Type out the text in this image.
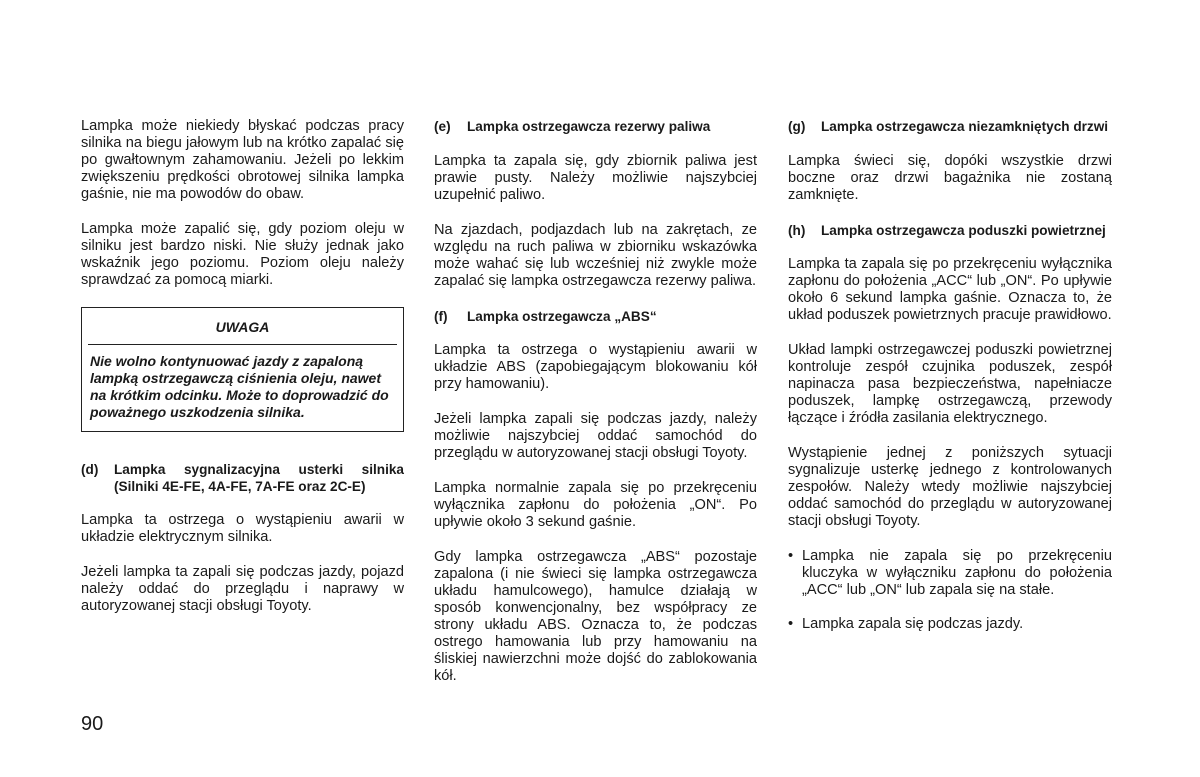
Lampka może niekiedy błyskać podczas pracy silnika na biegu jałowym lub na krótko zapalać się po gwałtownym zahamowaniu. Jeżeli po lekkim zwiększeniu prędkości obrotowej silnika lampka gaśnie, nie ma powodów do obaw.

Lampka może zapalić się, gdy poziom oleju w silniku jest bardzo niski. Nie służy jednak jako wskaźnik jego poziomu. Poziom oleju należy sprawdzać za pomocą miarki.

UWAGA
Nie wolno kontynuować jazdy z zapaloną lampką ostrzegawczą ciśnienia oleju, nawet na krótkim odcinku. Może to doprowadzić do poważnego uszkodzenia silnika.
(d)	Lampka sygnalizacyjna usterki silnika (Silniki 4E-FE, 4A-FE, 7A-FE oraz 2C-E)

Lampka ta ostrzega o wystąpieniu awarii w układzie elektrycznym silnika.

Jeżeli lampka ta zapali się podczas jazdy, pojazd należy oddać do przeglądu i naprawy w autoryzowanej stacji obsługi Toyoty.

(e)	Lampka ostrzegawcza rezerwy paliwa

Lampka ta zapala się, gdy zbiornik paliwa jest prawie pusty. Należy możliwie najszybciej uzupełnić paliwo.

Na zjazdach, podjazdach lub na zakrętach, ze względu na ruch paliwa w zbiorniku wskazówka może wahać się lub wcześniej niż zwykle może zapalać się lampka ostrzegawcza rezerwy paliwa.

(f)	Lampka ostrzegawcza „ABS“

Lampka ta ostrzega o wystąpieniu awarii w układzie ABS (zapobiegającym blokowaniu kół przy hamowaniu).

Jeżeli lampka zapali się podczas jazdy, należy możliwie najszybciej oddać samochód do przeglądu w autoryzowanej stacji obsługi Toyoty.

Lampka normalnie zapala się po przekręceniu wyłącznika zapłonu do położenia „ON“. Po upływie około 3 sekund gaśnie.

Gdy lampka ostrzegawcza „ABS“ pozostaje zapalona (i nie świeci się lampka ostrzegawcza układu hamulcowego), hamulce działają w sposób konwencjonalny, bez współpracy ze strony układu ABS. Oznacza to, że podczas ostrego hamowania lub przy hamowaniu na śliskiej nawierzchni może dojść do zablokowania kół.

(g)	Lampka ostrzegawcza niezamkniętych drzwi

Lampka świeci się, dopóki wszystkie drzwi boczne oraz drzwi bagażnika nie zostaną zamknięte.

(h)	Lampka ostrzegawcza poduszki powietrznej

Lampka ta zapala się po przekręceniu wyłącznika zapłonu do położenia „ACC“ lub „ON“. Po upływie około 6 sekund lampka gaśnie. Oznacza to, że układ poduszek powietrznych pracuje prawidłowo.

Układ lampki ostrzegawczej poduszki powietrznej kontroluje zespół czujnika poduszek, zespół napinacza pasa bezpieczeństwa, napełniacze poduszek, lampkę ostrzegawczą, przewody łączące i źródła zasilania elektrycznego.

Wystąpienie jednej z poniższych sytuacji sygnalizuje usterkę jednego z kontrolowanych zespołów. Należy wtedy możliwie najszybciej oddać samochód do przeglądu w autoryzowanej stacji obsługi Toyoty.

• Lampka nie zapala się po przekręceniu kluczyka w wyłączniku zapłonu do położenia „ACC“ lub „ON“ lub zapala się na stałe.
• Lampka zapala się podczas jazdy.
90
